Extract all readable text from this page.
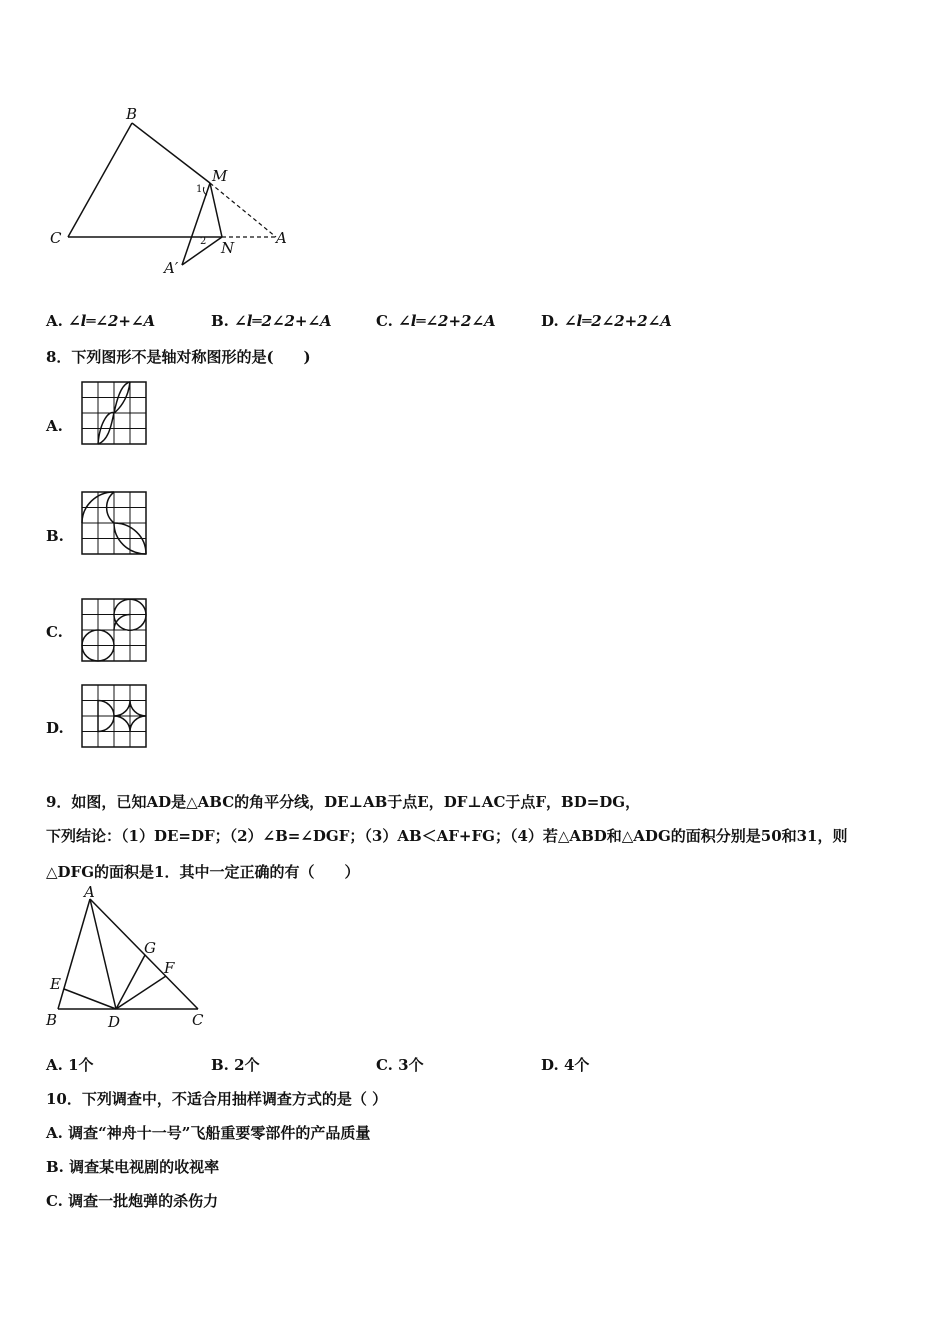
B
M
C
N
A
A′
1
2
A. ∠l═∠2+∠A	B. ∠l═2∠2+∠A	C. ∠l═∠2+2∠A	D. ∠l═2∠2+2∠A
8．下列图形不是轴对称图形的是(　　)
A.
B.
C.
D.
9．如图，已知AD是△ABC的角平分线，DE⊥AB于点E，DF⊥AC于点F，BD=DG，
下列结论：（1）DE=DF；（2）∠B=∠DGF；（3）AB＜AF+FG；（4）若△ABD和△ADG的面积分别是50和31，则
△DFG的面积是1．其中一定正确的有（　　）
A
G
F
E
B	D	C
A. 1个	B. 2个	C. 3个	D. 4个
10．下列调查中，不适合用抽样调查方式的是（ ）
A. 调查“神舟十一号”飞船重要零部件的产品质量
B. 调查某电视剧的收视率
C. 调查一批炮弹的杀伤力
